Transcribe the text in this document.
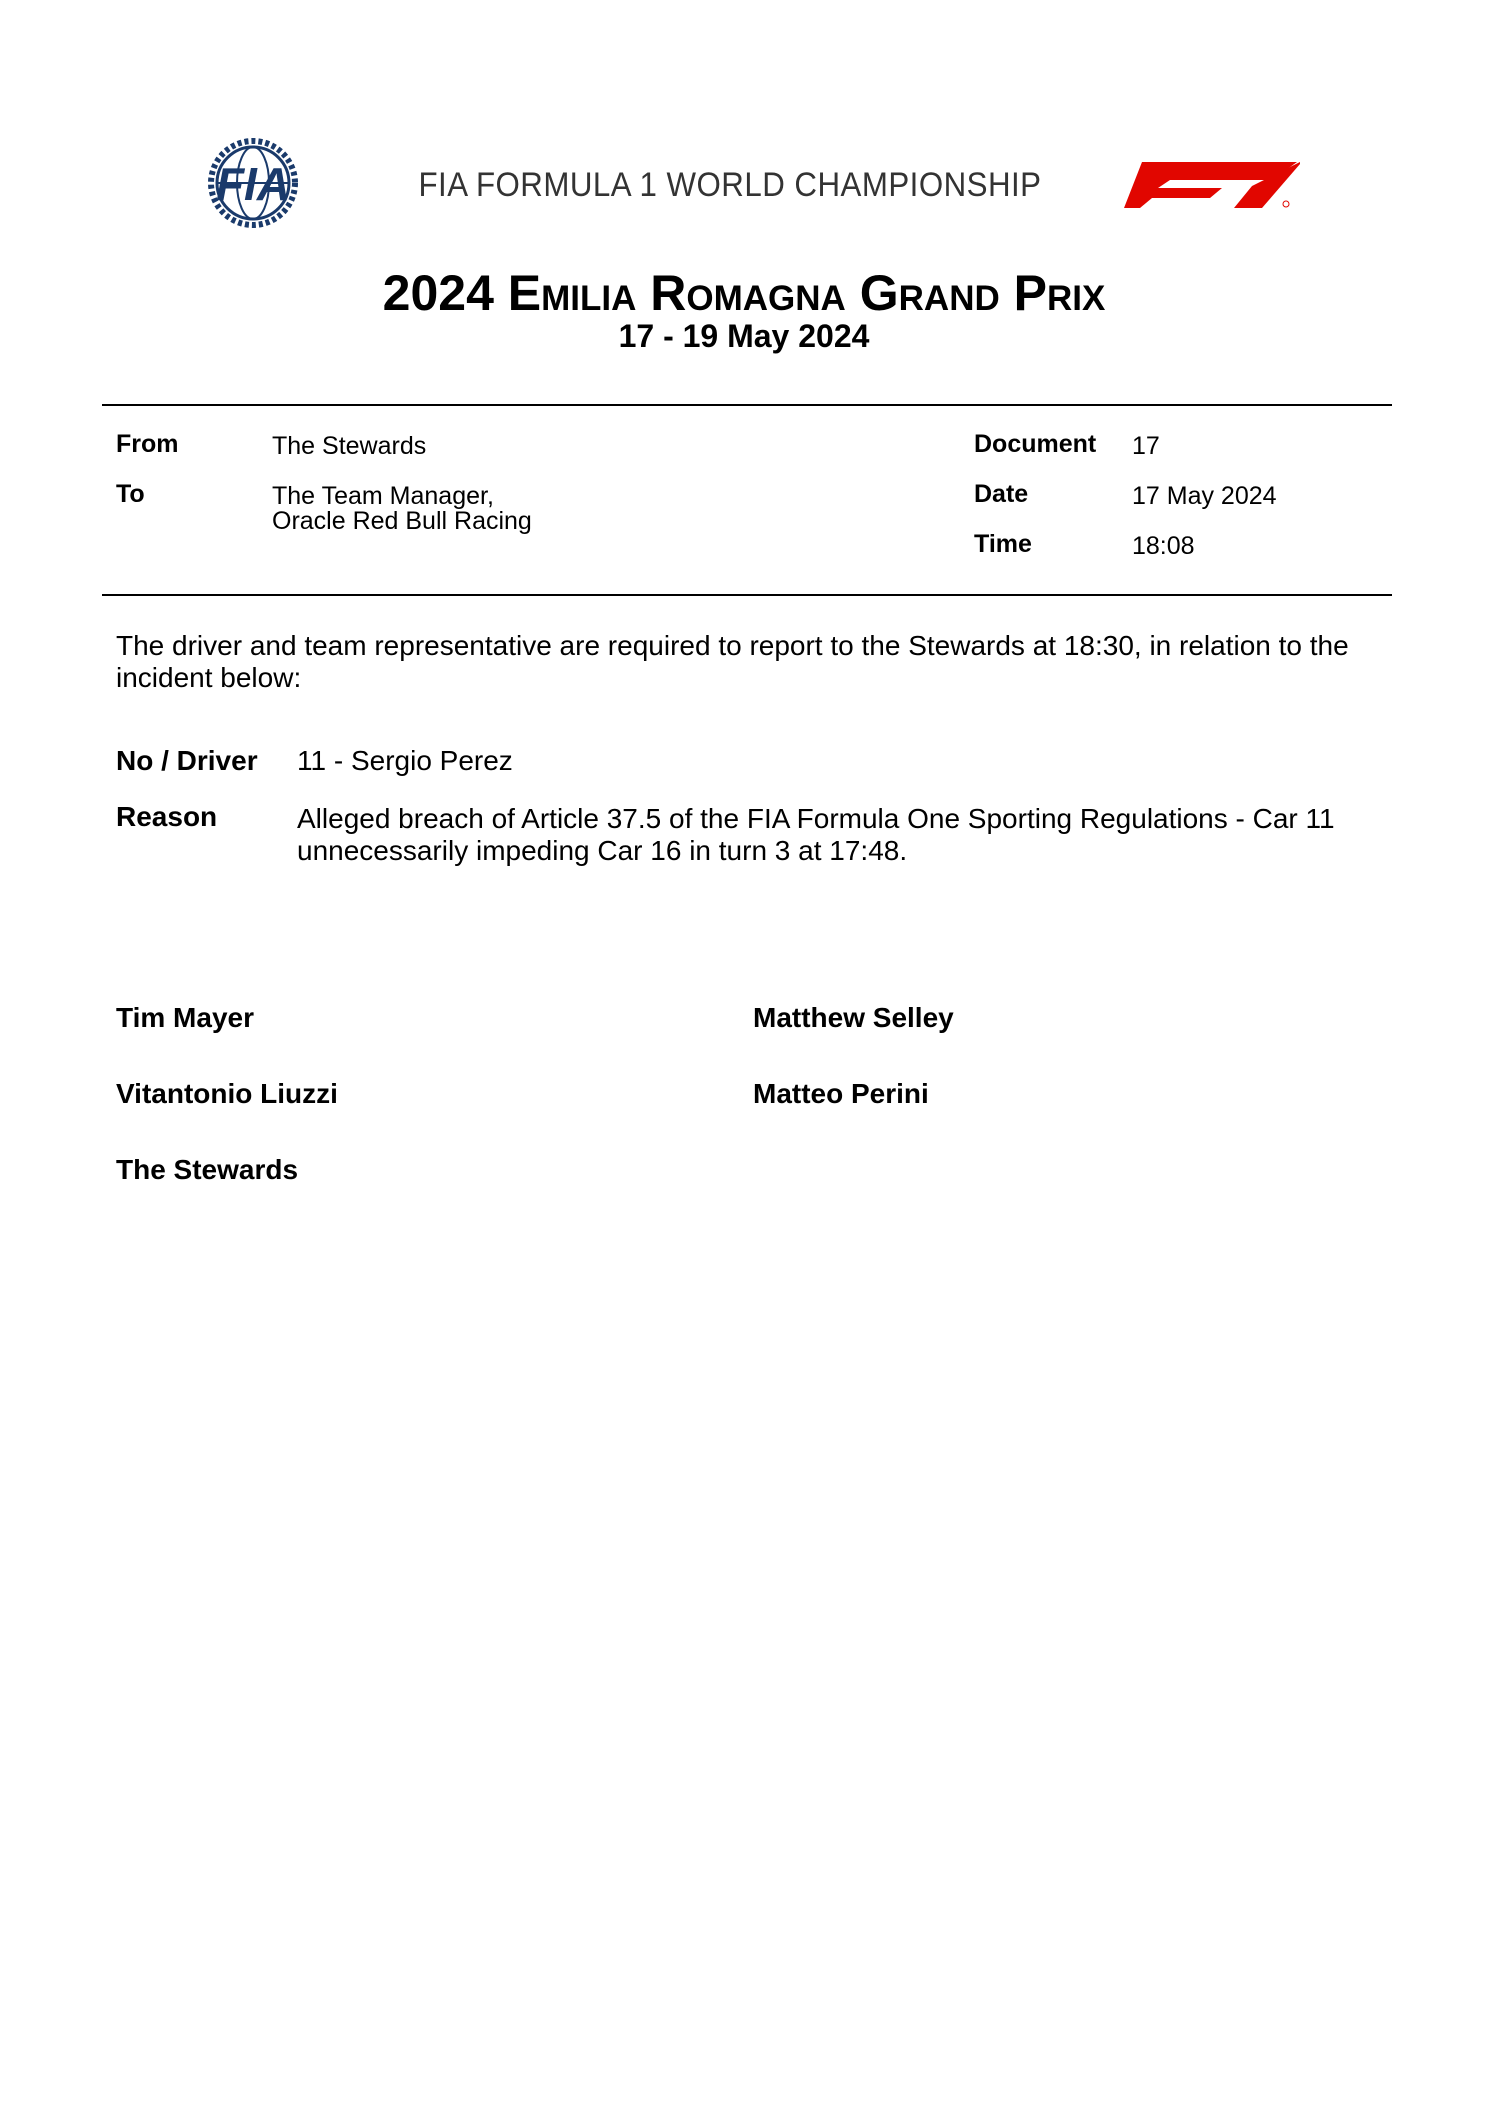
FIA	FIA FORMULA 1 WORLD CHAMPIONSHIP
2024 Emilia Romagna Grand Prix
17 - 19 May 2024
From	The Stewards
To	The Team Manager,
Oracle Red Bull Racing
Document 17
Date	17 May 2024
Time	18:08
The driver and team representative are required to report to the Stewards at 18:30, in relation to the incident below:
No / Driver 11 - Sergio Perez
Reason	Alleged breach of Article 37.5 of the FIA Formula One Sporting Regulations - Car 11 unnecessarily impeding Car 16 in turn 3 at 17:48.
Tim Mayer	Matthew Selley
Vitantonio Liuzzi	Matteo Perini
The Stewards
